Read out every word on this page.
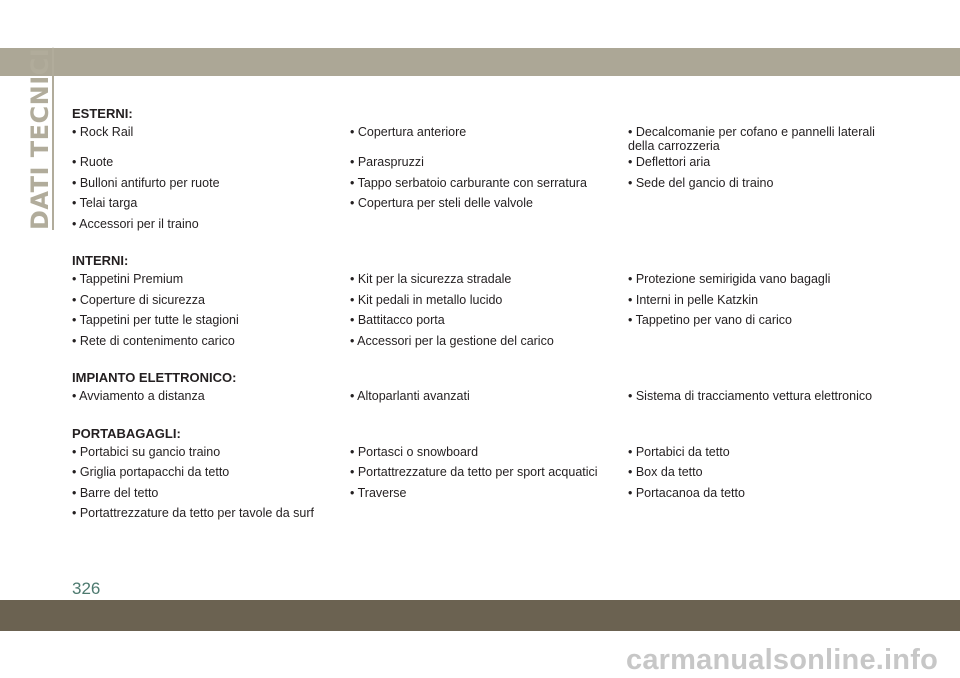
DATI TECNICI ESTERNI:
• Rock Rail	• Copertura anteriore	• Decalcomanie per cofano e pannelli laterali
della carrozzeria
• Ruote	• Paraspruzzi	• Deflettori aria
• Bulloni antifurto per ruote	• Tappo serbatoio carburante con serratura	• Sede del gancio di traino
• Telai targa	• Copertura per steli delle valvole
• Accessori per il traino
INTERNI:
• Tappetini Premium	• Kit per la sicurezza stradale	• Protezione semirigida vano bagagli
• Coperture di sicurezza	• Kit pedali in metallo lucido	• Interni in pelle Katzkin
• Tappetini per tutte le stagioni	• Battitacco porta	• Tappetino per vano di carico
• Rete di contenimento carico	• Accessori per la gestione del carico
IMPIANTO ELETTRONICO:
• Avviamento a distanza	• Altoparlanti avanzati	• Sistema di tracciamento vettura elettronico
PORTABAGAGLI:
• Portabici su gancio traino	• Portasci o snowboard	• Portabici da tetto
• Griglia portapacchi da tetto	• Portattrezzature da tetto per sport acquatici	• Box da tetto
• Barre del tetto	• Traverse	• Portacanoa da tetto
• Portattrezzature da tetto per tavole da surf
326
carmanualsonline.info
